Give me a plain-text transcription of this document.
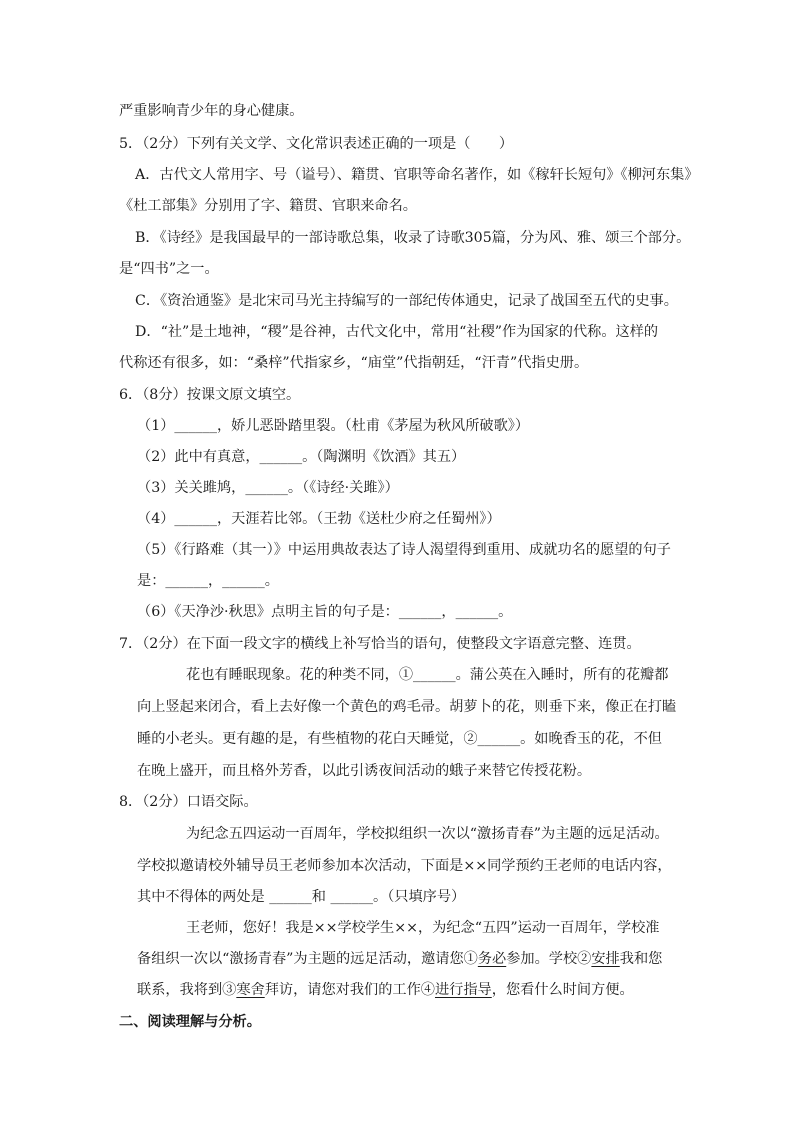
严重影响青少年的身心健康。
5．（2分）下列有关文学、文化常识表述正确的一项是（　　）
A．古代文人常用字、号（谥号）、籍贯、官职等命名著作，如《稼轩长短句》《柳河东集》
《杜工部集》分别用了字、籍贯、官职来命名。
B．《诗经》是我国最早的一部诗歌总集，收录了诗歌305篇，分为风、雅、颂三个部分。
是“四书”之一。
C．《资治通鉴》是北宋司马光主持编写的一部纪传体通史，记录了战国至五代的史事。
D．“社”是土地神，“稷”是谷神，古代文化中，常用“社稷”作为国家的代称。这样的
代称还有很多，如：“桑梓”代指家乡，“庙堂”代指朝廷，“汗青”代指史册。
6．（8分）按课文原文填空。
（1）______，娇儿恶卧踏里裂。（杜甫《茅屋为秋风所破歌》）
（2）此中有真意，______。（陶渊明《饮酒》其五）
（3）关关雎鸠，______。（《诗经·关雎》）
（4）______，天涯若比邻。（王勃《送杜少府之任蜀州》）
（5）《行路难（其一）》中运用典故表达了诗人渴望得到重用、成就功名的愿望的句子
是：______，______。
（6）《天净沙·秋思》点明主旨的句子是：______，______。
7．（2分）在下面一段文字的横线上补写恰当的语句，使整段文字语意完整、连贯。
花也有睡眠现象。花的种类不同，①______。蒲公英在入睡时，所有的花瓣都
向上竖起来闭合，看上去好像一个黄色的鸡毛帚。胡萝卜的花，则垂下来，像正在打瞌
睡的小老头。更有趣的是，有些植物的花白天睡觉，②______。如晚香玉的花，不但
在晚上盛开，而且格外芳香，以此引诱夜间活动的蛾子来替它传授花粉。
8．（2分）口语交际。
为纪念五四运动一百周年，学校拟组织一次以“激扬青春”为主题的远足活动。
学校拟邀请校外辅导员王老师参加本次活动，下面是××同学预约王老师的电话内容，
其中不得体的两处是 ______和 ______。（只填序号）
王老师，您好！我是××学校学生××，为纪念“五四”运动一百周年，学校准
备组织一次以“激扬青春”为主题的远足活动，邀请您①务必参加。学校②安排我和您
联系，我将到③寒舍拜访，请您对我们的工作④进行指导，您看什么时间方便。
二、阅读理解与分析。
